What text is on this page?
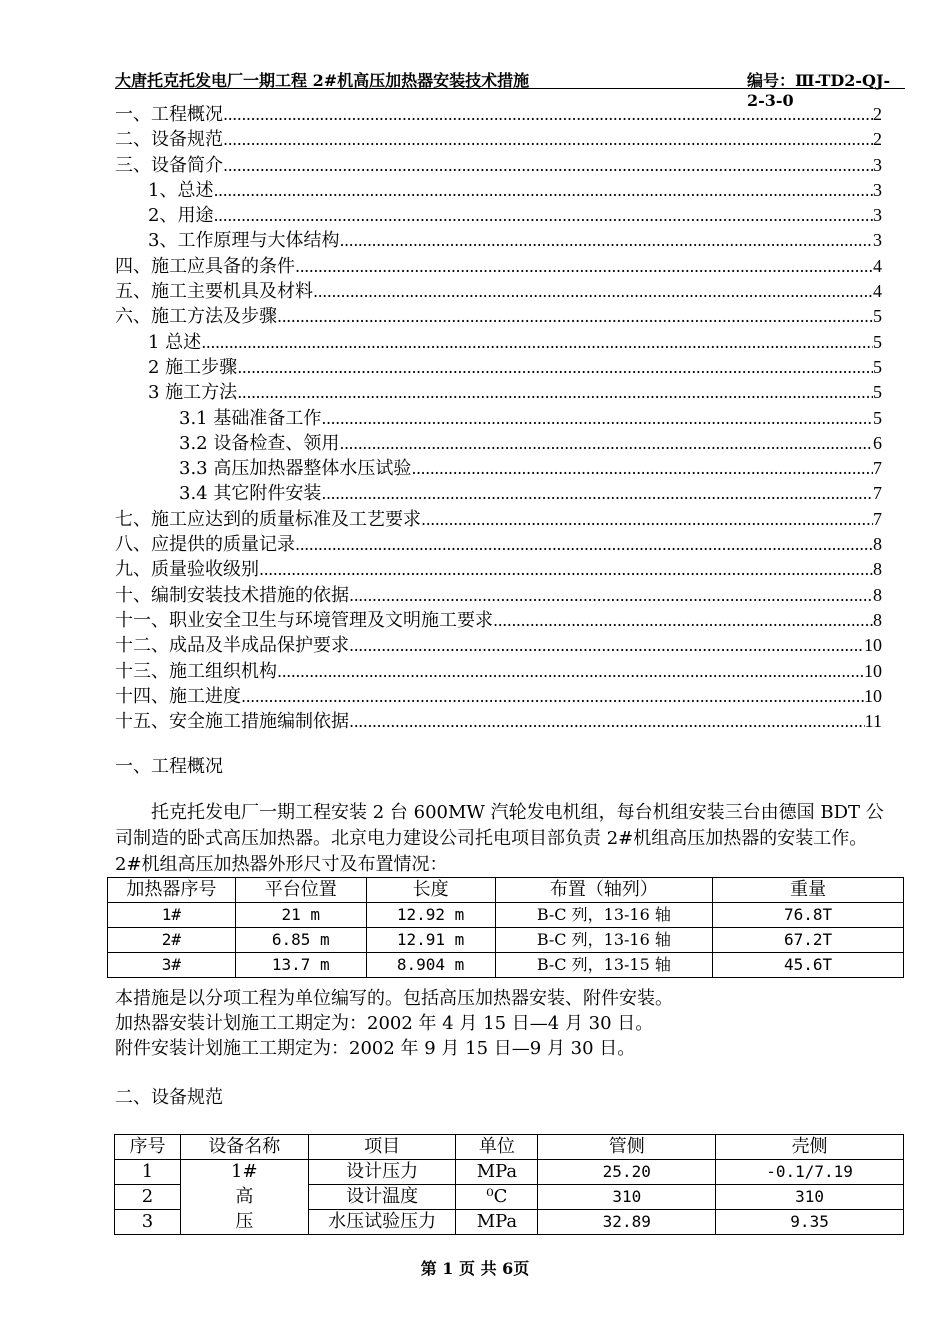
大唐托克托发电厂一期工程 2#机高压加热器安装技术措施	编号：Ⅲ-TD2-QJ-2-3-0
一、工程概况 .....	2
二、设备规范 .....	2
三、设备简介 .....	3
1、总述 .....	3
2、用途 .....	3
3、工作原理与大体结构 .....	3
四、施工应具备的条件 .....	4
五、施工主要机具及材料 .....	4
六、施工方法及步骤 .....	5
1 总述 .....	5
2 施工步骤 .....	5
3 施工方法 .....	5
3.1 基础准备工作 .....	5
3.2 设备检查、领用 .....	6
3.3 高压加热器整体水压试验 .....	7
3.4 其它附件安装 .....	7
七、施工应达到的质量标准及工艺要求 .....	7
八、应提供的质量记录 .....	8
九、质量验收级别 .....	8
十、编制安装技术措施的依据 .....	8
十一、职业安全卫生与环境管理及文明施工要求 .....	8
十二、成品及半成品保护要求 .....	10
十三、施工组织机构 .....	10
十四、施工进度 .....	10
十五、安全施工措施编制依据 .....	11
一、工程概况
托克托发电厂一期工程安装 2 台 600MW 汽轮发电机组，每台机组安装三台由德国 BDT 公司制造的卧式高压加热器。北京电力建设公司托电项目部负责 2#机组高压加热器的安装工作。2#机组高压加热器外形尺寸及布置情况：
加热器序号	平台位置	长度	布置（轴列）	重量
1#	21 m	12.92 m	B-C 列，13-16 轴	76.8T
2#	6.85 m	12.91 m	B-C 列，13-16 轴	67.2T
3#	13.7 m	8.904 m	B-C 列，13-15 轴	45.6T
本措施是以分项工程为单位编写的。包括高压加热器安装、附件安装。
加热器安装计划施工工期定为：2002 年 4 月 15 日—4 月 30 日。
附件安装计划施工工期定为：2002 年 9 月 15 日—9 月 30 日。
二、设备规范
序号	设备名称	项目	单位	管侧	壳侧
1	1#	设计压力	MPa	25.20	-0.1/7.19
2	高	设计温度	⁰C	310	310
3	压	水压试验压力	MPa	32.89	9.35
第 1 页 共 6页
